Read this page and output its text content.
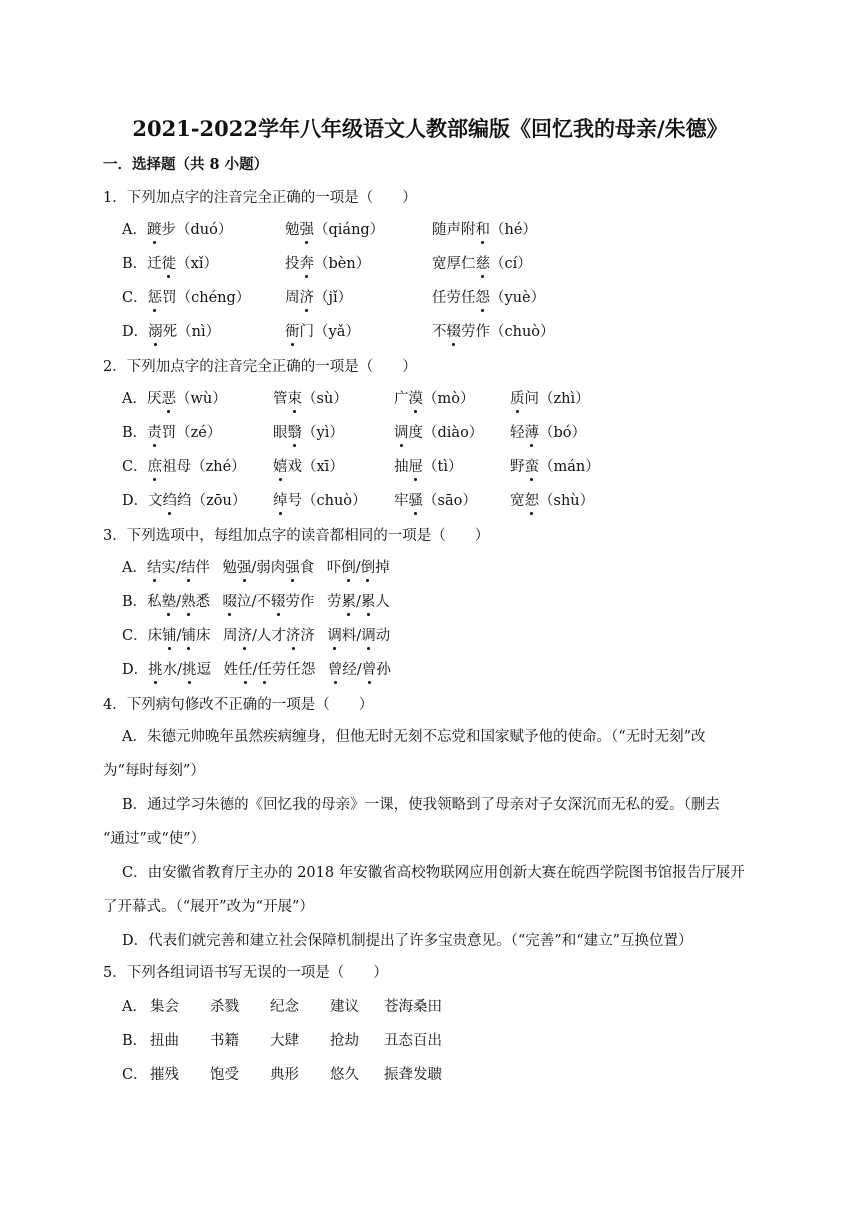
2021-2022学年八年级语文人教部编版《回忆我的母亲/朱德》
一．选择题（共 8 小题）
1．下列加点字的注音完全正确的一项是（　　）
A．踱步（duó）	勉强（qiáng）	随声附和（hé）
B．迁徙（xǐ）	投奔（bèn）	宽厚仁慈（cí）
C．惩罚（chéng） 周济（jǐ）	任劳任怨（yuè）
D．溺死（nì）	衙门（yǎ）	不辍劳作（chuò）
2．下列加点字的注音完全正确的一项是（　　）
A．厌恶（wù）	管束（sù）	广漠（mò） 质问（zhì）
B．责罚（zé）	眼翳（yì）	调度（diào） 轻薄（bó）
C．庶祖母（zhé） 嬉戏（xī）	抽屉（tì）	野蛮（mán）
D．文绉绉（zōu） 绰号（chuò） 牢骚（sāo） 宽恕（shù）
3．下列选项中，每组加点字的读音都相同的一项是（　　）
A．结实/结伴　 勉强/弱肉强食　 吓倒/倒掉
B．私塾/熟悉　 啜泣/不辍劳作　 劳累/累人
C．床铺/铺床　 周济/人才济济　 调料/调动
D．挑水/挑逗　 姓任/任劳任怨　 曾经/曾孙
4．下列病句修改不正确的一项是（　　）
A．朱德元帅晚年虽然疾病缠身，但他无时无刻不忘党和国家赋予他的使命。（“无时无刻”改
为“每时每刻”）
B．通过学习朱德的《回忆我的母亲》一课，使我领略到了母亲对子女深沉而无私的爱。（删去
“通过”或“使”）
C．由安徽省教育厅主办的 2018 年安徽省高校物联网应用创新大赛在皖西学院图书馆报告厅展开
了开幕式。（“展开”改为“开展”）
D．代表们就完善和建立社会保障机制提出了许多宝贵意见。（“完善”和“建立”互换位置）
5．下列各组词语书写无误的一项是（　　）
A． 集会 杀戮 纪念 建议 苍海桑田
B． 扭曲 书籍 大肆 抢劫 丑态百出
C． 摧残 饱受 典形 悠久 振聋发聩
